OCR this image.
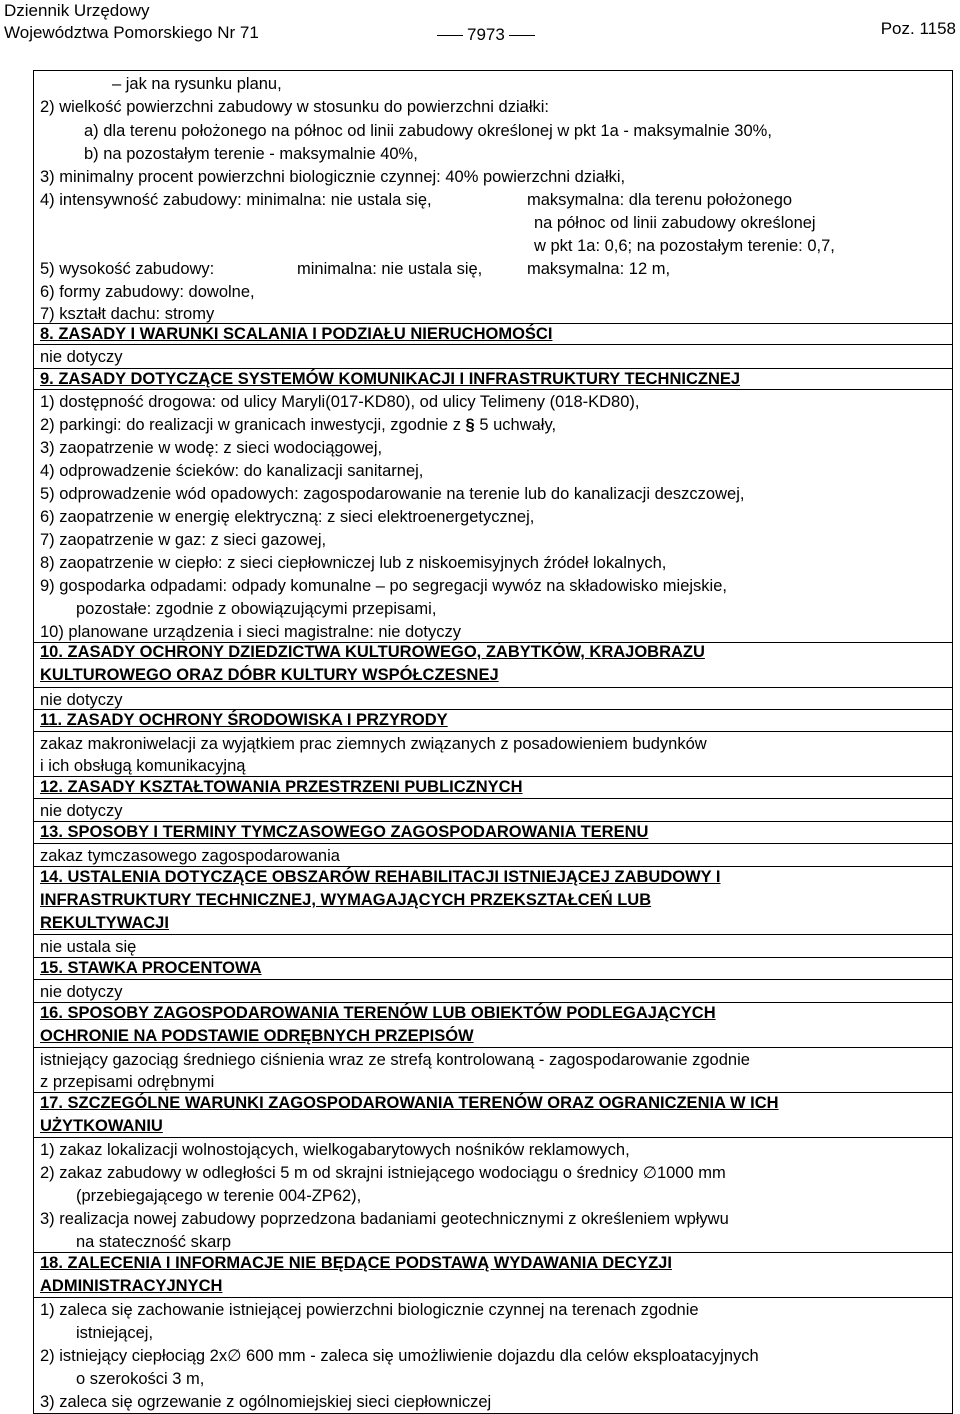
Dziennik Urzędowy
Województwa Pomorskiego Nr 71	7973	Poz. 1158
– jak na rysunku planu,
2) wielkość powierzchni zabudowy w stosunku do powierzchni działki:
a) dla terenu położonego na północ od linii zabudowy określonej w pkt 1a - maksymalnie 30%,
b) na pozostałym terenie - maksymalnie 40%,
3) minimalny procent powierzchni biologicznie czynnej: 40% powierzchni działki,
4) intensywność zabudowy: minimalna: nie ustala się,	maksymalna: dla terenu położonego
na północ od linii zabudowy określonej
w pkt 1a: 0,6; na pozostałym terenie: 0,7,
5) wysokość zabudowy:	minimalna: nie ustala się,	maksymalna: 12 m,
6) formy zabudowy: dowolne,
7) kształt dachu: stromy
8. ZASADY I WARUNKI SCALANIA I PODZIAŁU NIERUCHOMOŚCI
nie dotyczy
9. ZASADY DOTYCZĄCE SYSTEMÓW KOMUNIKACJI I INFRASTRUKTURY TECHNICZNEJ
1) dostępność drogowa: od ulicy Maryli(017-KD80), od ulicy Telimeny (018-KD80),
2) parkingi: do realizacji w granicach inwestycji, zgodnie z § 5 uchwały,
3) zaopatrzenie w wodę: z sieci wodociągowej,
4) odprowadzenie ścieków: do kanalizacji sanitarnej,
5) odprowadzenie wód opadowych: zagospodarowanie na terenie lub do kanalizacji deszczowej,
6) zaopatrzenie w energię elektryczną: z sieci elektroenergetycznej,
7) zaopatrzenie w gaz: z sieci gazowej,
8) zaopatrzenie w ciepło: z sieci ciepłowniczej lub z niskoemisyjnych źródeł lokalnych,
9) gospodarka odpadami: odpady komunalne – po segregacji wywóz na składowisko miejskie,
pozostałe: zgodnie z obowiązującymi przepisami,
10) planowane urządzenia i sieci magistralne: nie dotyczy
10. ZASADY OCHRONY DZIEDZICTWA KULTUROWEGO, ZABYTKÓW, KRAJOBRAZU
KULTUROWEGO ORAZ DÓBR KULTURY WSPÓŁCZESNEJ
nie dotyczy
11. ZASADY OCHRONY ŚRODOWISKA I PRZYRODY
zakaz makroniwelacji za wyjątkiem prac ziemnych związanych z posadowieniem budynków
i ich obsługą komunikacyjną
12. ZASADY KSZTAŁTOWANIA PRZESTRZENI PUBLICZNYCH
nie dotyczy
13. SPOSOBY I TERMINY TYMCZASOWEGO ZAGOSPODAROWANIA TERENU
zakaz tymczasowego zagospodarowania
14. USTALENIA DOTYCZĄCE OBSZARÓW REHABILITACJI ISTNIEJĄCEJ ZABUDOWY I
INFRASTRUKTURY TECHNICZNEJ, WYMAGAJĄCYCH PRZEKSZTAŁCEŃ LUB
REKULTYWACJI
nie ustala się
15. STAWKA PROCENTOWA
nie dotyczy
16. SPOSOBY ZAGOSPODAROWANIA TERENÓW LUB OBIEKTÓW PODLEGAJĄCYCH
OCHRONIE NA PODSTAWIE ODRĘBNYCH PRZEPISÓW
istniejący gazociąg średniego ciśnienia wraz ze strefą kontrolowaną - zagospodarowanie zgodnie
z przepisami odrębnymi
17. SZCZEGÓLNE WARUNKI ZAGOSPODAROWANIA TERENÓW ORAZ OGRANICZENIA W ICH
UŻYTKOWANIU
1) zakaz lokalizacji wolnostojących, wielkogabarytowych nośników reklamowych,
2) zakaz zabudowy w odległości 5 m od skrajni istniejącego wodociągu o średnicy ∅1000 mm
(przebiegającego w terenie 004-ZP62),
3) realizacja nowej zabudowy poprzedzona badaniami geotechnicznymi z określeniem wpływu
na stateczność skarp
18. ZALECENIA I INFORMACJE NIE BĘDĄCE PODSTAWĄ WYDAWANIA DECYZJI
ADMINISTRACYJNYCH
1) zaleca się zachowanie istniejącej powierzchni biologicznie czynnej na terenach zgodnie
istniejącej,
2) istniejący ciepłociąg 2x∅ 600 mm - zaleca się umożliwienie dojazdu dla celów eksploatacyjnych
o szerokości 3 m,
3) zaleca się ogrzewanie z ogólnomiejskiej sieci ciepłowniczej
